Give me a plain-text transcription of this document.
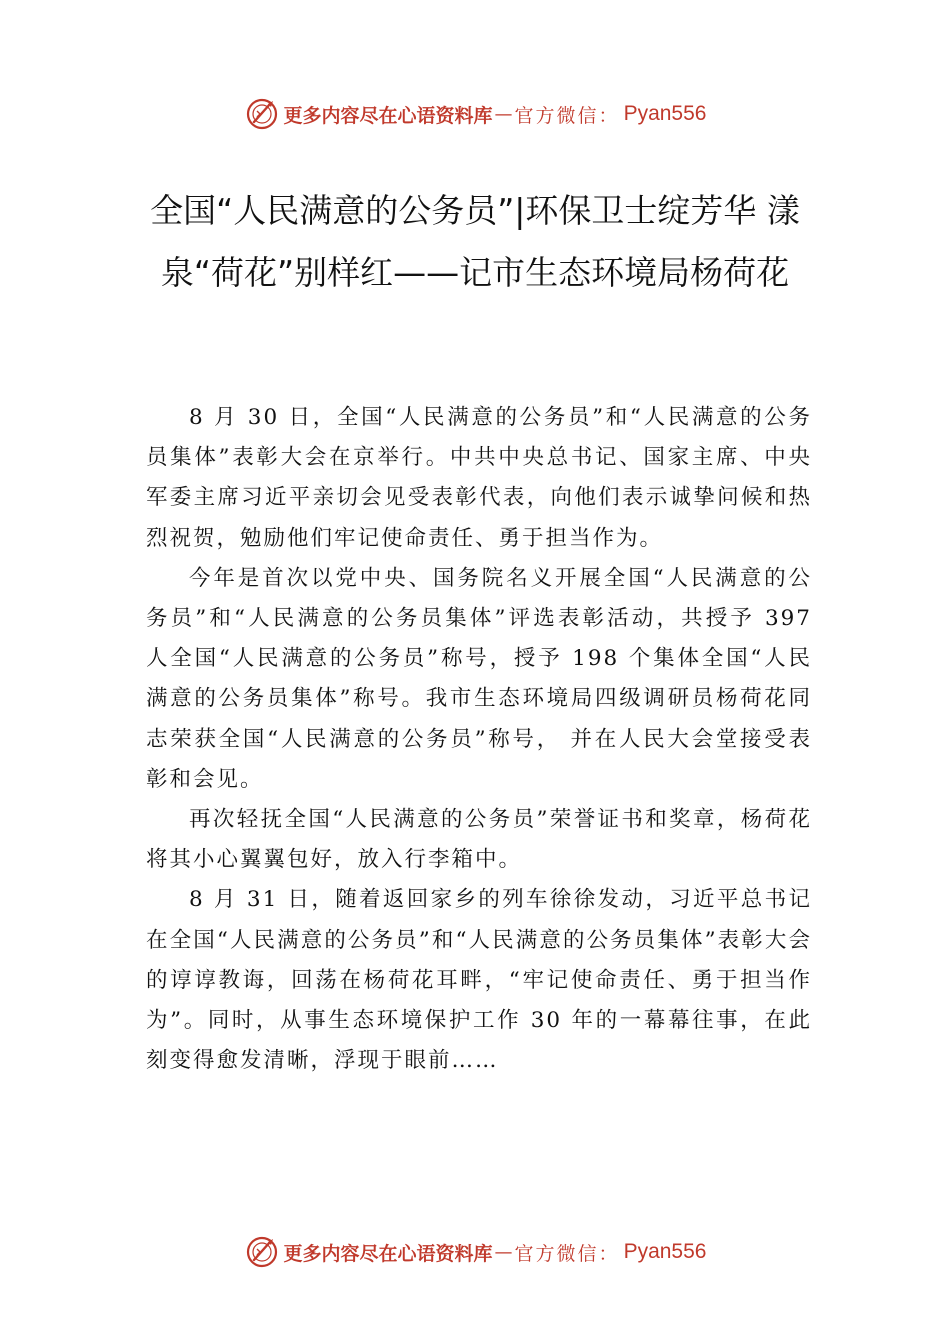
更多内容尽在心语资料库 — 官方微信： Pyan556
全国“人民满意的公务员”|环保卫士绽芳华 漾泉“荷花”别样红——记市生态环境局杨荷花

8 月 30 日，全国“人民满意的公务员”和“人民满意的公务员集体”表彰大会在京举行。中共中央总书记、国家主席、中央军委主席习近平亲切会见受表彰代表，向他们表示诚挚问候和热烈祝贺，勉励他们牢记使命责任、勇于担当作为。

今年是首次以党中央、国务院名义开展全国“人民满意的公务员”和“人民满意的公务员集体”评选表彰活动，共授予 397 人全国“人民满意的公务员”称号，授予 198 个集体全国“人民满意的公务员集体”称号。我市生态环境局四级调研员杨荷花同志荣获全国“人民满意的公务员”称号， 并在人民大会堂接受表彰和会见。

再次轻抚全国“人民满意的公务员”荣誉证书和奖章，杨荷花将其小心翼翼包好，放入行李箱中。

8 月 31 日，随着返回家乡的列车徐徐发动，习近平总书记在全国“人民满意的公务员”和“人民满意的公务员集体”表彰大会的谆谆教诲，回荡在杨荷花耳畔，“牢记使命责任、勇于担当作为”。同时，从事生态环境保护工作 30 年的一幕幕往事，在此刻变得愈发清晰，浮现于眼前……

更多内容尽在心语资料库 — 官方微信： Pyan556
